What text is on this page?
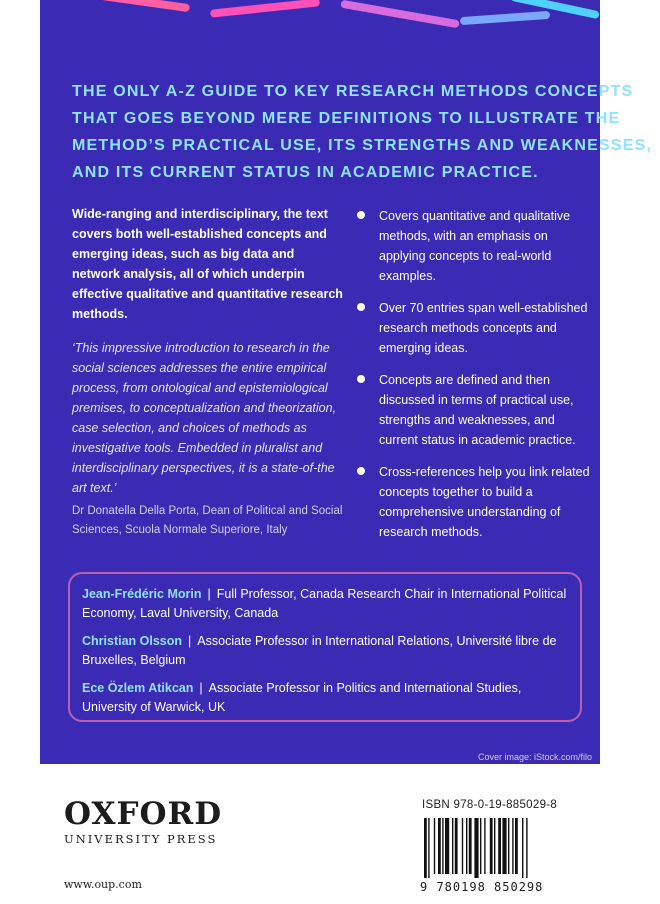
THE ONLY A-Z GUIDE TO KEY RESEARCH METHODS CONCEPTS
THAT GOES BEYOND MERE DEFINITIONS TO ILLUSTRATE THE
METHOD’S PRACTICAL USE, ITS STRENGTHS AND WEAKNESSES,
AND ITS CURRENT STATUS IN ACADEMIC PRACTICE.

Wide-ranging and interdisciplinary, the text covers both well-established concepts and emerging ideas, such as big data and network analysis, all of which underpin effective qualitative and quantitative research methods.

‘This impressive introduction to research in the social sciences addresses the entire empirical process, from ontological and epistemiological premises, to conceptualization and theorization, case selection, and choices of methods as investigative tools. Embedded in pluralist and interdisciplinary perspectives, it is a state-of-the art text.’
Dr Donatella Della Porta, Dean of Political and Social Sciences, Scuola Normale Superiore, Italy
Covers quantitative and qualitative methods, with an emphasis on applying concepts to real-world examples.
Over 70 entries span well-established research methods concepts and emerging ideas.
Concepts are defined and then discussed in terms of practical use, strengths and weaknesses, and current status in academic practice.
Cross-references help you link related concepts together to build a comprehensive understanding of research methods.
Jean-Frédéric Morin | Full Professor, Canada Research Chair in International Political Economy, Laval University, Canada
Christian Olsson | Associate Professor in International Relations, Université libre de Bruxelles, Belgium
Ece Özlem Atikcan | Associate Professor in Politics and International Studies, University of Warwick, UK
Cover image: iStock.com/filo
OXFORD
UNIVERSITY PRESS
www.oup.com
ISBN 978-0-19-885029-8
9 780198 850298
